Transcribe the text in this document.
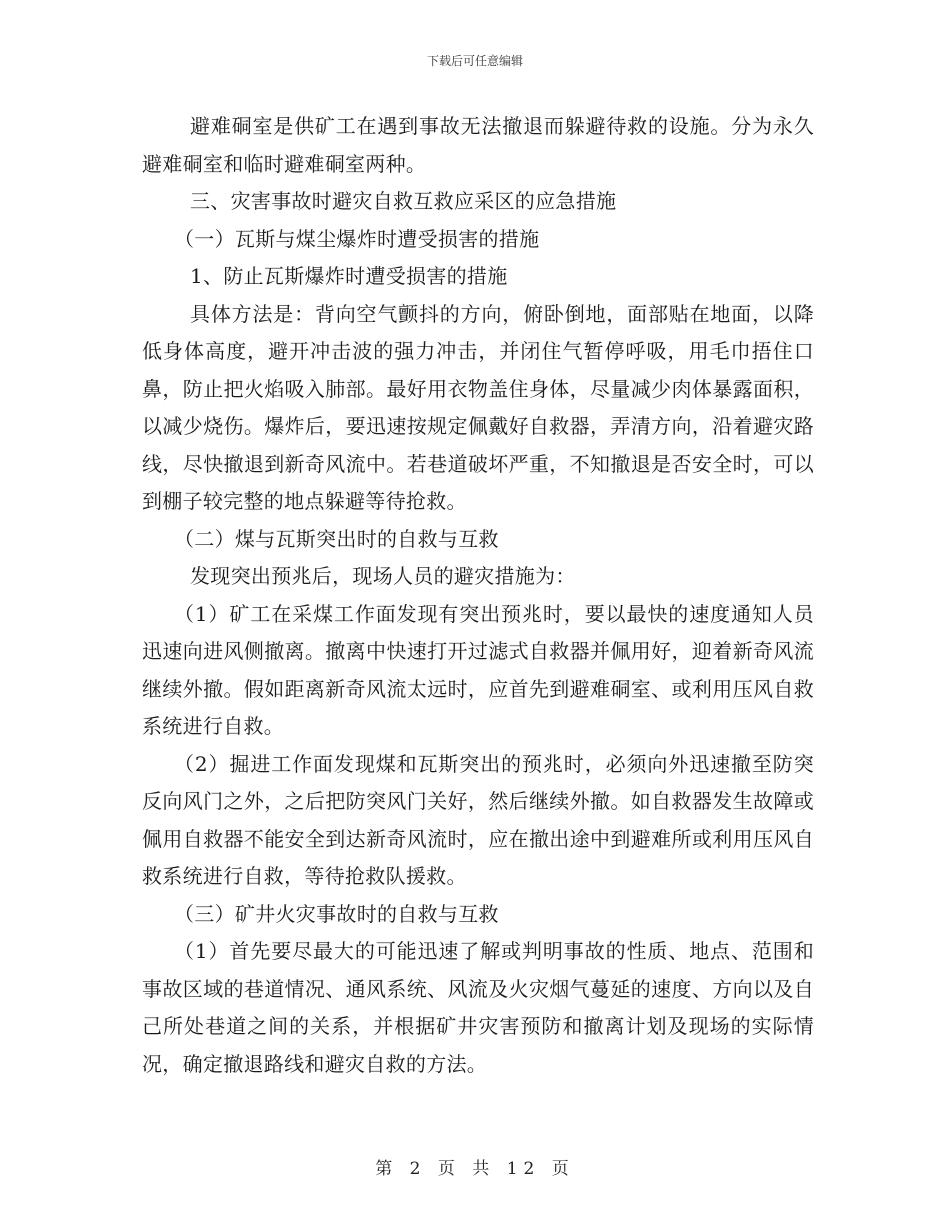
下载后可任意编辑

避难硐室是供矿工在遇到事故无法撤退而躲避待救的设施。分为永久避难硐室和临时避难硐室两种。

三、灾害事故时避灾自救互救应采区的应急措施

（一）瓦斯与煤尘爆炸时遭受损害的措施

1、防止瓦斯爆炸时遭受损害的措施

具体方法是：背向空气颤抖的方向，俯卧倒地，面部贴在地面，以降低身体高度，避开冲击波的强力冲击，并闭住气暂停呼吸，用毛巾捂住口鼻，防止把火焰吸入肺部。最好用衣物盖住身体，尽量减少肉体暴露面积，以减少烧伤。爆炸后，要迅速按规定佩戴好自救器，弄清方向，沿着避灾路线，尽快撤退到新奇风流中。若巷道破坏严重，不知撤退是否安全时，可以到棚子较完整的地点躲避等待抢救。

（二）煤与瓦斯突出时的自救与互救

发现突出预兆后，现场人员的避灾措施为：

（1）矿工在采煤工作面发现有突出预兆时，要以最快的速度通知人员迅速向进风侧撤离。撤离中快速打开过滤式自救器并佩用好，迎着新奇风流继续外撤。假如距离新奇风流太远时，应首先到避难硐室、或利用压风自救系统进行自救。

（2）掘进工作面发现煤和瓦斯突出的预兆时，必须向外迅速撤至防突反向风门之外，之后把防突风门关好，然后继续外撤。如自救器发生故障或佩用自救器不能安全到达新奇风流时，应在撤出途中到避难所或利用压风自救系统进行自救，等待抢救队援救。

（三）矿井火灾事故时的自救与互救

（1）首先要尽最大的可能迅速了解或判明事故的性质、地点、范围和事故区域的巷道情况、通风系统、风流及火灾烟气蔓延的速度、方向以及自己所处巷道之间的关系，并根据矿井灾害预防和撤离计划及现场的实际情况，确定撤退路线和避灾自救的方法。

第 2 页 共 12 页
